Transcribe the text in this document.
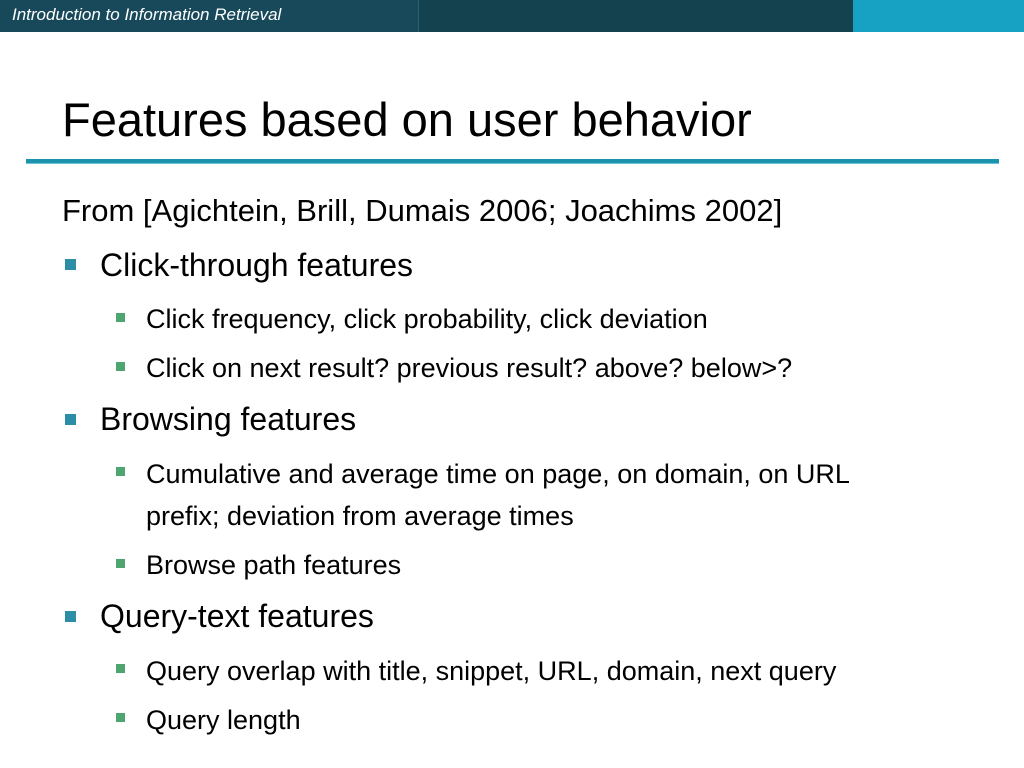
Introduction to Information Retrieval
Features based on user behavior
From [Agichtein, Brill, Dumais 2006; Joachims 2002]
Click-through features
Click frequency, click probability, click deviation
Click on next result? previous result? above? below>?
Browsing features
Cumulative and average time on page, on domain, on URL
prefix; deviation from average times
Browse path features
Query-text features
Query overlap with title, snippet, URL, domain, next query
Query length
